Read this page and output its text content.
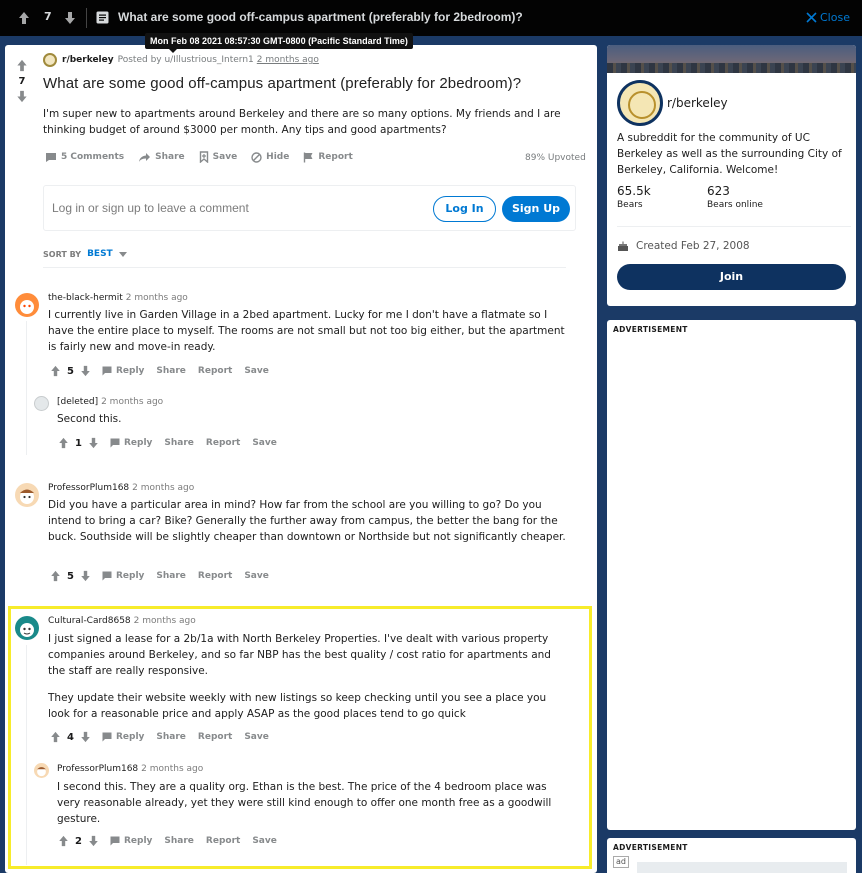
7	What are some good off-campus apartment (preferably for 2bedroom)?	Close
Mon Feb 08 2021 08:57:30 GMT-0800 (Pacific Standard Time)
7
r/berkeley Posted by u/Illustrious_Intern1 2 months ago
What are some good off-campus apartment (preferably for 2bedroom)?
I'm super new to apartments around Berkeley and there are so many options. My friends and I are thinking budget of around $3000 per month. Any tips and good apartments?
5 Comments	Share	Save	Hide	Report	89% Upvoted
Log in or sign up to leave a comment	Log In	Sign Up
SORT BY BEST
the-black-hermit 2 months ago
I currently live in Garden Village in a 2bed apartment. Lucky for me I don't have a flatmate so I have the entire place to myself. The rooms are not small but not too big either, but the apartment is fairly new and move-in ready.
5	Reply Share Report Save
[deleted] 2 months ago
Second this.
1	Reply Share Report Save
ProfessorPlum168 2 months ago
Did you have a particular area in mind? How far from the school are you willing to go? Do you intend to bring a car? Bike? Generally the further away from campus, the better the bang for the buck. Southside will be slightly cheaper than downtown or Northside but not significantly cheaper.
5	Reply Share Report Save
Cultural-Card8658 2 months ago
I just signed a lease for a 2b/1a with North Berkeley Properties. I've dealt with various property companies around Berkeley, and so far NBP has the best quality / cost ratio for apartments and the staff are really responsive.
They update their website weekly with new listings so keep checking until you see a place you look for a reasonable price and apply ASAP as the good places tend to go quick
4	Reply Share Report Save
ProfessorPlum168 2 months ago
I second this. They are a quality org. Ethan is the best. The price of the 4 bedroom place was very reasonable already, yet they were still kind enough to offer one month free as a goodwill gesture.
2	Reply Share Report Save
r/berkeley
A subreddit for the community of UC Berkeley as well as the surrounding City of Berkeley, California. Welcome!
65.5k
Bears
623
Bears online
Created Feb 27, 2008
Join
ADVERTISEMENT
ADVERTISEMENT
ad
